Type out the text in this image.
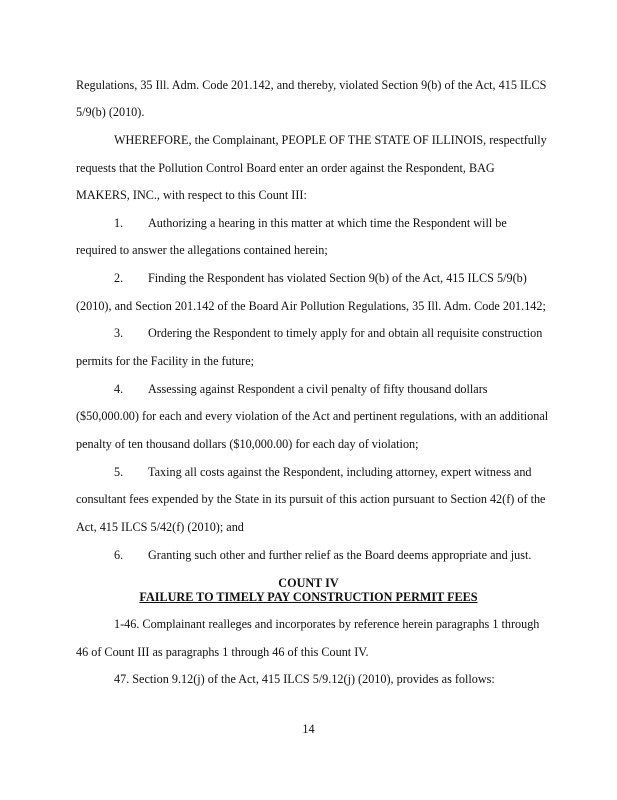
Regulations, 35 Ill. Adm. Code 201.142, and thereby, violated Section 9(b) of the Act, 415 ILCS
5/9(b) (2010).
WHEREFORE, the Complainant, PEOPLE OF THE STATE OF ILLINOIS, respectfully
requests that the Pollution Control Board enter an order against the Respondent, BAG
MAKERS, INC., with respect to this Count III:
1. Authorizing a hearing in this matter at which time the Respondent will be
required to answer the allegations contained herein;
2. Finding the Respondent has violated Section 9(b) of the Act, 415 ILCS 5/9(b)
(2010), and Section 201.142 of the Board Air Pollution Regulations, 35 Ill. Adm. Code 201.142;
3. Ordering the Respondent to timely apply for and obtain all requisite construction
permits for the Facility in the future;
4. Assessing against Respondent a civil penalty of fifty thousand dollars
($50,000.00) for each and every violation of the Act and pertinent regulations, with an additional
penalty of ten thousand dollars ($10,000.00) for each day of violation;
5. Taxing all costs against the Respondent, including attorney, expert witness and
consultant fees expended by the State in its pursuit of this action pursuant to Section 42(f) of the
Act, 415 ILCS 5/42(f) (2010); and
6. Granting such other and further relief as the Board deems appropriate and just.
COUNT IV
FAILURE TO TIMELY PAY CONSTRUCTION PERMIT FEES
1-46. Complainant realleges and incorporates by reference herein paragraphs 1 through
46 of Count III as paragraphs 1 through 46 of this Count IV.
47. Section 9.12(j) of the Act, 415 ILCS 5/9.12(j) (2010), provides as follows:
14
